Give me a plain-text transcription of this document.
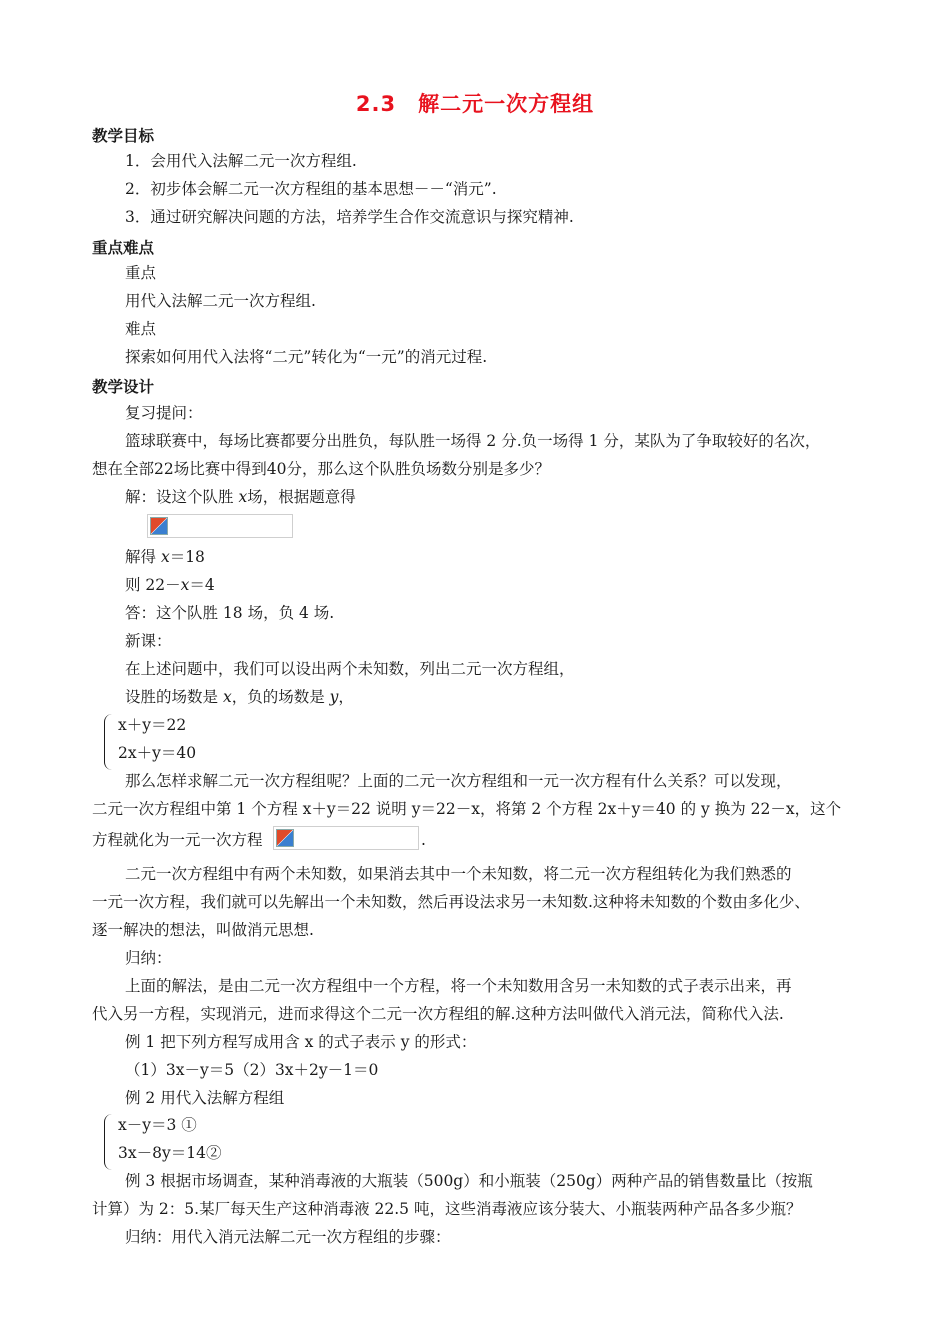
2.3　解二元一次方程组
教学目标
1．会用代入法解二元一次方程组.
2．初步体会解二元一次方程组的基本思想－－“消元”.
3．通过研究解决问题的方法，培养学生合作交流意识与探究精神.
重点难点
重点
用代入法解二元一次方程组.
难点
探索如何用代入法将“二元”转化为“一元”的消元过程.
教学设计
复习提问：
篮球联赛中，每场比赛都要分出胜负，每队胜一场得 2 分.负一场得 1 分，某队为了争取较好的名次，
想在全部22场比赛中得到40分，那么这个队胜负场数分别是多少？
解：设这个队胜 x场，根据题意得
解得 x＝18
则 22－x＝4
答：这个队胜 18 场，负 4 场.
新课：
在上述问题中，我们可以设出两个未知数，列出二元一次方程组，
设胜的场数是 x，负的场数是 y，
x＋y＝22
2x＋y＝40
那么怎样求解二元一次方程组呢？上面的二元一次方程组和一元一次方程有什么关系？可以发现，
二元一次方程组中第 1 个方程 x＋y＝22 说明 y＝22－x，将第 2 个方程 2x＋y＝40 的 y 换为 22－x，这个
方程就化为一元一次方程	.
二元一次方程组中有两个未知数，如果消去其中一个未知数，将二元一次方程组转化为我们熟悉的
一元一次方程，我们就可以先解出一个未知数，然后再设法求另一未知数.这种将未知数的个数由多化少、
逐一解决的想法，叫做消元思想.
归纳：
上面的解法，是由二元一次方程组中一个方程，将一个未知数用含另一未知数的式子表示出来，再
代入另一方程，实现消元，进而求得这个二元一次方程组的解.这种方法叫做代入消元法，简称代入法.
例 1 把下列方程写成用含 x 的式子表示 y 的形式：
（1）3x－y＝5（2）3x＋2y－1＝0
例 2 用代入法解方程组
x－y＝3 ①
3x－8y＝14②
例 3 根据市场调查，某种消毒液的大瓶装（500g）和小瓶装（250g）两种产品的销售数量比（按瓶
计算）为 2：5.某厂每天生产这种消毒液 22.5 吨，这些消毒液应该分装大、小瓶装两种产品各多少瓶？
归纳：用代入消元法解二元一次方程组的步骤：
